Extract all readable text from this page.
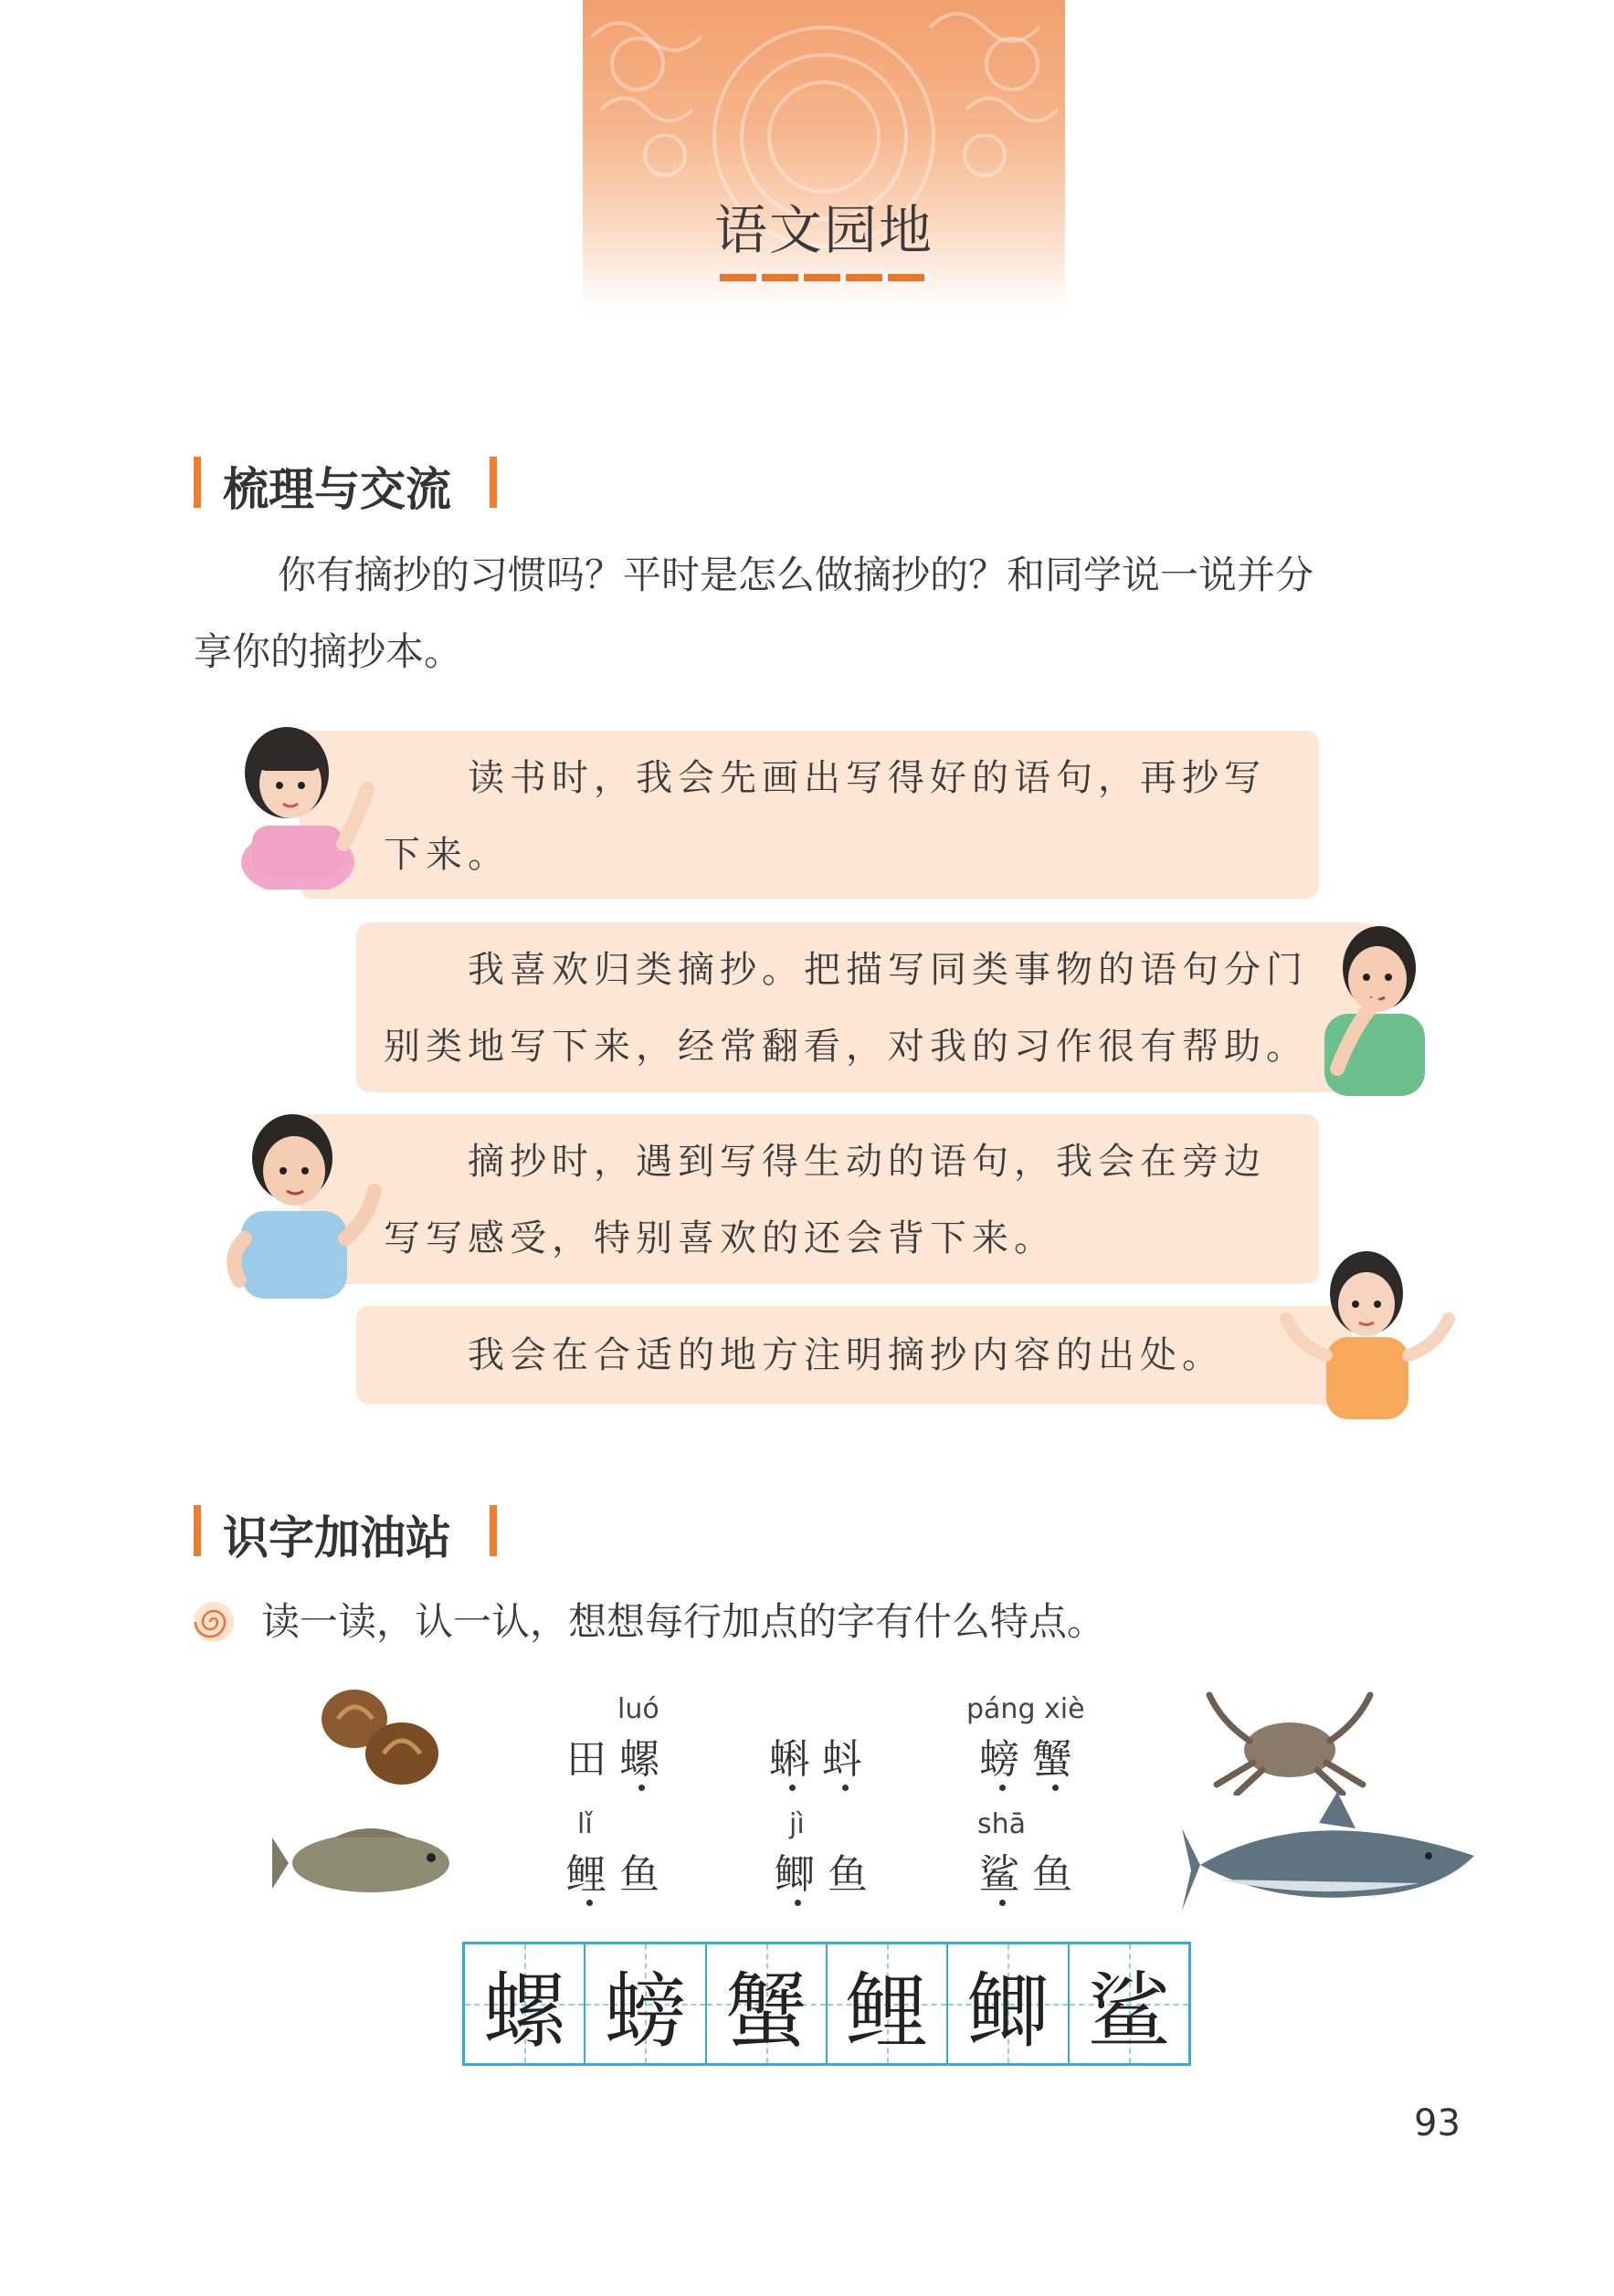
语文园地
梳理与交流
你有摘抄的习惯吗？平时是怎么做摘抄的？和同学说一说并分
享你的摘抄本。
读书时，我会先画出写得好的语句，再抄写
下来。
我喜欢归类摘抄。把描写同类事物的语句分门
别类地写下来，经常翻看，对我的习作很有帮助。
摘抄时，遇到写得生动的语句，我会在旁边
写写感受，特别喜欢的还会背下来。
我会在合适的地方注明摘抄内容的出处。
识字加油站
读一读，认一认，想想每行加点的字有什么特点。
luó
田螺 蝌蚪
páng xiè
螃蟹
lǐ
鲤鱼
jì
鲫鱼
shā
鲨鱼
螺 螃 蟹 鲤 鲫 鲨
93
